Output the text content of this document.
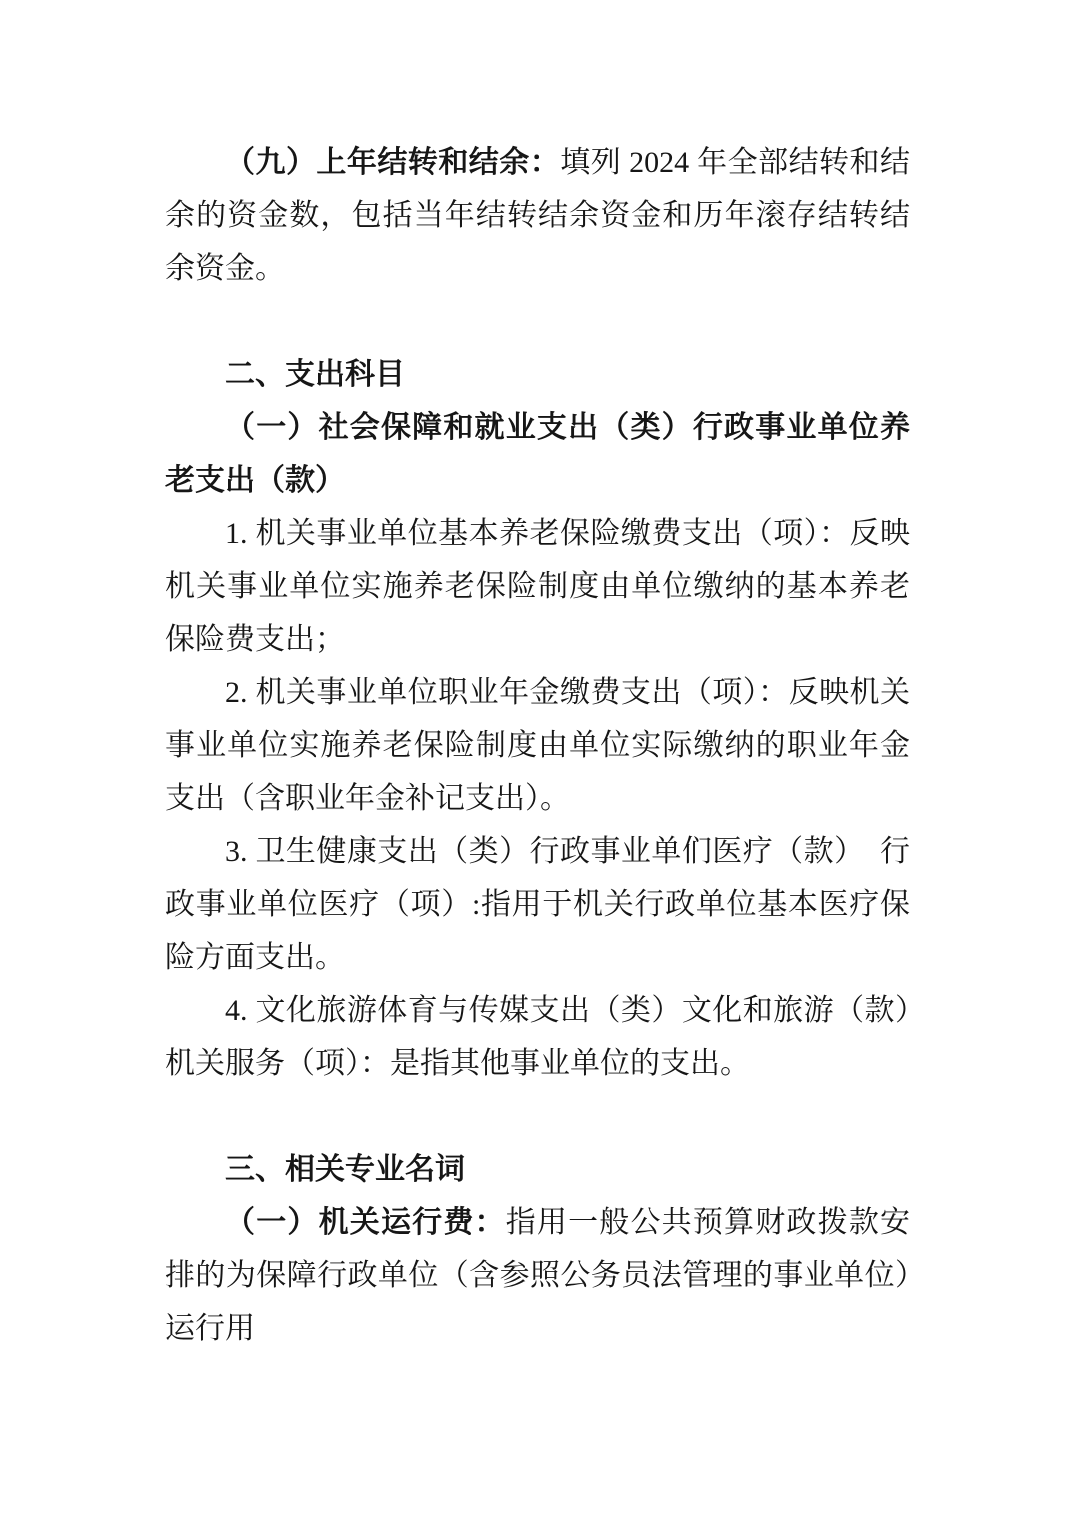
（九）上年结转和结余：填列 2024 年全部结转和结余的资金数，包括当年结转结余资金和历年滚存结转结余资金。

二、支出科目

（一）社会保障和就业支出（类）行政事业单位养老支出（款）

1. 机关事业单位基本养老保险缴费支出（项）：反映机关事业单位实施养老保险制度由单位缴纳的基本养老保险费支出；

2. 机关事业单位职业年金缴费支出（项）：反映机关事业单位实施养老保险制度由单位实际缴纳的职业年金支出（含职业年金补记支出）。

3. 卫生健康支出（类）行政事业单们医疗（款）　行政事业单位医疗（项）:指用于机关行政单位基本医疗保险方面支出。

4. 文化旅游体育与传媒支出（类）文化和旅游（款）机关服务（项）：是指其他事业单位的支出。

三、相关专业名词

（一）机关运行费：指用一般公共预算财政拨款安排的为保障行政单位（含参照公务员法管理的事业单位）运行用
